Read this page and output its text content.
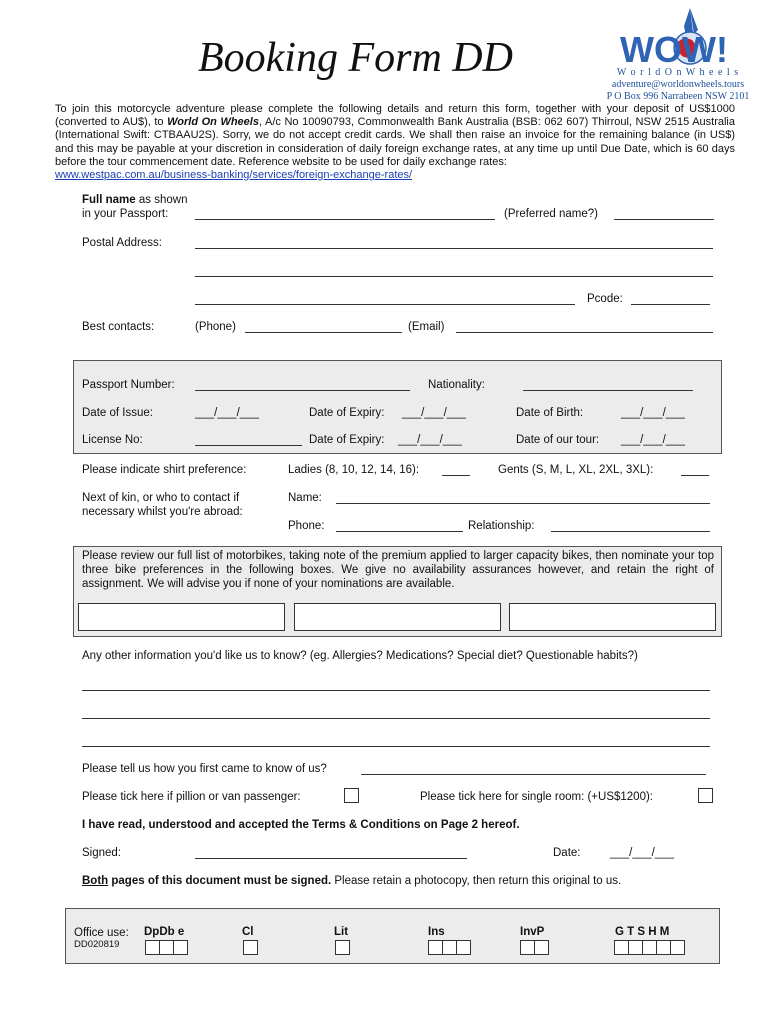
Booking Form DD	WOW!
W o r l d O n W h e e l s
adventure@worldonwheels.tours
P O Box 996 Narrabeen NSW 2101

To join this motorcycle adventure please complete the following details and return this form, together with your deposit of US$1000 (converted to AU$), to World On Wheels, A/c No 10090793, Commonwealth Bank Australia (BSB: 062 607) Thirroul, NSW 2515 Australia (International Swift: CTBAAU2S). Sorry, we do not accept credit cards. We shall then raise an invoice for the remaining balance (in US$) and this may be payable at your discretion in consideration of daily foreign exchange rates, at any time up until Due Date, which is 60 days before the tour commencement date. Reference website to be used for daily exchange rates:
www.westpac.com.au/business-banking/services/foreign-exchange-rates/

Full name as shown
in your Passport:	(Preferred name?)
Postal Address:
Pcode:
Best contacts:	(Phone)	(Email)
Passport Number:	Nationality:
Date of Issue:	___/___/___	Date of Expiry: ___/___/___	Date of Birth:	___/___/___
License No:	Date of Expiry: ___/___/___	Date of our tour: ___/___/___
Please indicate shirt preference:	Ladies (8, 10, 12, 14, 16):	Gents (S, M, L, XL, 2XL, 3XL):
Next of kin, or who to contact if
necessary whilst you're abroad:
Name:
Phone:	Relationship:
Please review our full list of motorbikes, taking note of the premium applied to larger capacity bikes, then nominate your top three bike preferences in the following boxes. We give no availability assurances however, and retain the right of assignment. We will advise you if none of your nominations are available.
Any other information you'd like us to know? (eg. Allergies? Medications? Special diet? Questionable habits?)
Please tell us how you first came to know of us?
Please tick here if pillion or van passenger:	Please tick here for single room: (+US$1200):
I have read, understood and accepted the Terms & Conditions on Page 2 hereof.
Signed:	Date:	___/___/___
Both pages of this document must be signed. Please retain a photocopy, then return this original to us.
Office use:
DD020819
DpDb e	Cl	Lit	Ins	InvP	G T S H M
